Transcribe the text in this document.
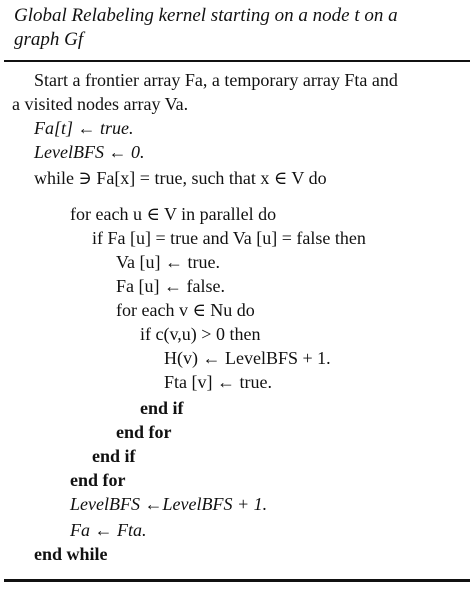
Global Relabeling kernel starting on a node t on a
graph Gf
Start a frontier array Fa, a temporary array Fta and
a visited nodes array Va.
Fa[t] ← true.
LevelBFS ← 0.
while ∋ Fa[x] = true, such that x ∈ V do
for each u ∈ V in parallel do
if Fa [u] = true and Va [u] = false then
Va [u] ← true.
Fa [u] ← false.
for each v ∈ Nu do
if c(v,u) > 0 then
H(v) ← LevelBFS + 1.
Fta [v] ← true.
end if
end for
end if
end for
LevelBFS ←LevelBFS + 1.
Fa ← Fta.
end while
